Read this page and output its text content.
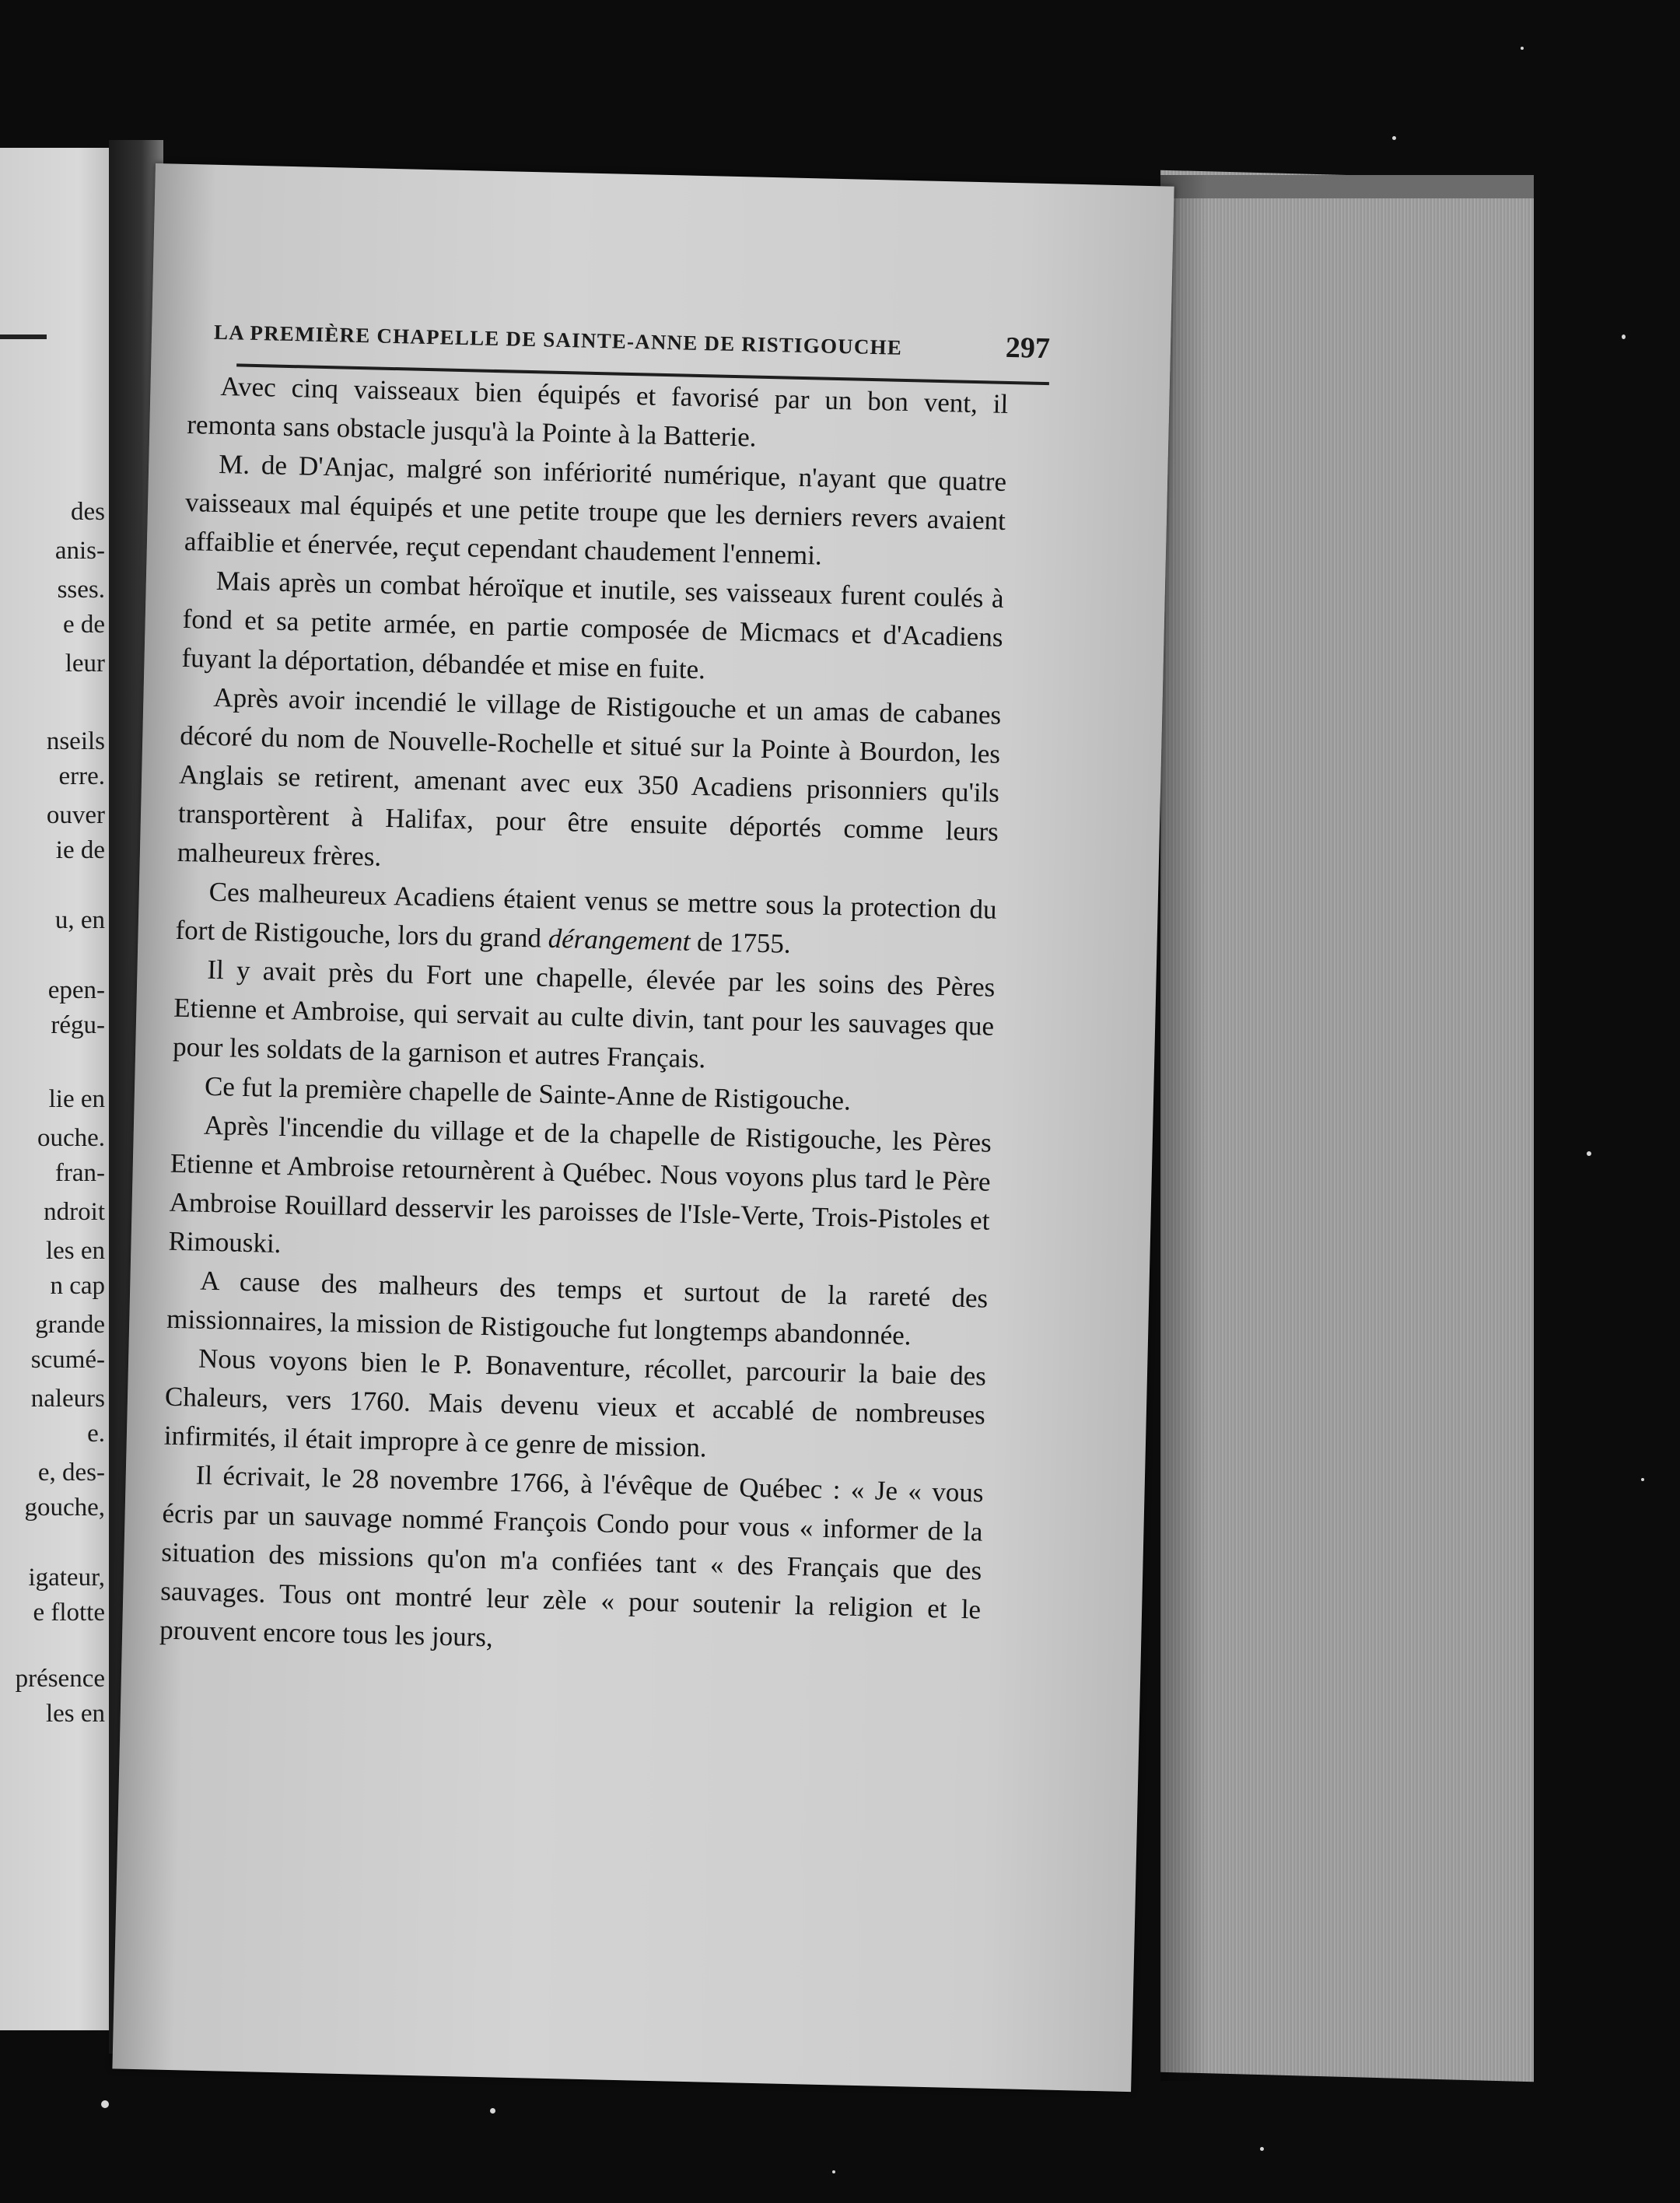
des
anis-
sses.
e de
leur
nseils
erre.
ouver
ie de
u, en
epen-
régu-
lie en
ouche.
fran-
ndroit
les en
n cap
grande
scumé-
naleurs
e.
e, des-
gouche,
igateur,
e flotte
présence
les en
LA PREMIÈRE CHAPELLE DE SAINTE-ANNE DE RISTIGOUCHE	297

Avec cinq vaisseaux bien équipés et favorisé par un bon vent, il remonta sans obstacle jusqu'à la Pointe à la Batterie.

M. de D'Anjac, malgré son infériorité numérique, n'ayant que quatre vaisseaux mal équipés et une petite troupe que les derniers revers avaient affaiblie et énervée, reçut cependant chaudement l'ennemi.

Mais après un combat héroïque et inutile, ses vaisseaux furent coulés à fond et sa petite armée, en partie composée de Micmacs et d'Acadiens fuyant la déportation, débandée et mise en fuite.

Après avoir incendié le village de Ristigouche et un amas de cabanes décoré du nom de Nouvelle-Rochelle et situé sur la Pointe à Bourdon, les Anglais se retirent, amenant avec eux 350 Acadiens prisonniers qu'ils transportèrent à Halifax, pour être ensuite déportés comme leurs malheureux frères.

Ces malheureux Acadiens étaient venus se mettre sous la protection du fort de Ristigouche, lors du grand dérangement de 1755.

Il y avait près du Fort une chapelle, élevée par les soins des Pères Etienne et Ambroise, qui servait au culte divin, tant pour les sauvages que pour les soldats de la garnison et autres Français.

Ce fut la première chapelle de Sainte-Anne de Ristigouche.

Après l'incendie du village et de la chapelle de Ristigouche, les Pères Etienne et Ambroise retournèrent à Québec. Nous voyons plus tard le Père Ambroise Rouillard desservir les paroisses de l'Isle-Verte, Trois-Pistoles et Rimouski.

A cause des malheurs des temps et surtout de la rareté des missionnaires, la mission de Ristigouche fut longtemps abandonnée.

Nous voyons bien le P. Bonaventure, récollet, parcourir la baie des Chaleurs, vers 1760. Mais devenu vieux et accablé de nombreuses infirmités, il était impropre à ce genre de mission.

Il écrivait, le 28 novembre 1766, à l'évêque de Québec : « Je « vous écris par un sauvage nommé François Condo pour vous « informer de la situation des missions qu'on m'a confiées tant « des Français que des sauvages. Tous ont montré leur zèle « pour soutenir la religion et le prouvent encore tous les jours,
